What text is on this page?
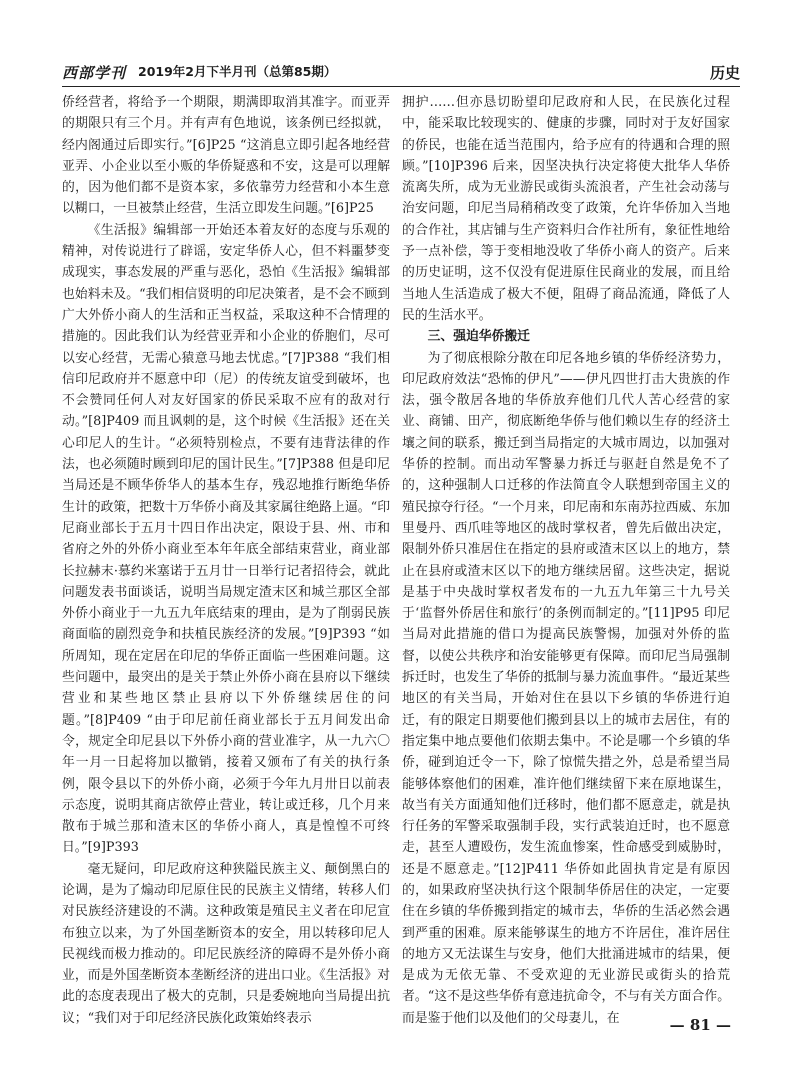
西部学刊 2019年2月下半月刊（总第85期）	历史

侨经营者，将给予一个期限，期满即取消其准字。而亚弄的期限只有三个月。并有声有色地说，该条例已经拟就，经内阁通过后即实行。”[6]P25 “这消息立即引起各地经营亚弄、小企业以至小贩的华侨疑惑和不安，这是可以理解的，因为他们都不是资本家，多依靠劳力经营和小本生意以糊口，一旦被禁止经营，生活立即发生问题。”[6]P25

《生活报》编辑部一开始还本着友好的态度与乐观的精神，对传说进行了辟谣，安定华侨人心，但不料噩梦变成现实，事态发展的严重与恶化，恐怕《生活报》编辑部也始料未及。“我们相信贤明的印尼决策者，是不会不顾到广大外侨小商人的生活和正当权益，采取这种不合情理的措施的。因此我们认为经营亚弄和小企业的侨胞们，尽可以安心经营，无需心猿意马地去忧虑。”[7]P388 “我们相信印尼政府并不愿意中印（尼）的传统友谊受到破坏，也不会赞同任何人对友好国家的侨民采取不应有的敌对行动。”[8]P409 而且讽刺的是，这个时候《生活报》还在关心印尼人的生计。“必须特别检点，不要有违背法律的作法，也必须随时顾到印尼的国计民生。”[7]P388 但是印尼当局还是不顾华侨华人的基本生存，残忍地推行断绝华侨生计的政策，把数十万华侨小商及其家属往绝路上逼。“印尼商业部长于五月十四日作出决定，限设于县、州、市和省府之外的外侨小商业至本年年底全部结束营业，商业部长拉赫末·慕约米塞诺于五月廿一日举行记者招待会，就此问题发表书面谈话，说明当局规定渣末区和城兰那区全部外侨小商业于一九五九年底结束的理由，是为了削弱民族商面临的剧烈竞争和扶植民族经济的发展。”[9]P393 “如所周知，现在定居在印尼的华侨正面临一些困难问题。这些问题中，最突出的是关于禁止外侨小商在县府以下继续营业和某些地区禁止县府以下外侨继续居住的问题。”[8]P409 “由于印尼前任商业部长于五月间发出命令，规定全印尼县以下外侨小商的营业准字，从一九六〇年一月一日起将加以撤销，接着又颁布了有关的执行条例，限令县以下的外侨小商，必须于今年九月卅日以前表示态度，说明其商店欲停止营业，转让或迁移，几个月来散布于城兰那和渣末区的华侨小商人，真是惶惶不可终日。”[9]P393

毫无疑问，印尼政府这种狭隘民族主义、颠倒黑白的论调，是为了煽动印尼原住民的民族主义情绪，转移人们对民族经济建设的不满。这种政策是殖民主义者在印尼宣布独立以来，为了外国垄断资本的安全，用以转移印尼人民视线而极力推动的。印尼民族经济的障碍不是外侨小商业，而是外国垄断资本垄断经济的进出口业。《生活报》对此的态度表现出了极大的克制，只是委婉地向当局提出抗议；“我们对于印尼经济民族化政策始终表示

拥护……但亦恳切盼望印尼政府和人民，在民族化过程中，能采取比较现实的、健康的步骤，同时对于友好国家的侨民，也能在适当范围内，给予应有的待遇和合理的照顾。”[10]P396 后来，因坚决执行决定将使大批华人华侨流离失所，成为无业游民或街头流浪者，产生社会动荡与治安问题，印尼当局稍稍改变了政策，允许华侨加入当地的合作社，其店铺与生产资料归合作社所有，象征性地给予一点补偿，等于变相地没收了华侨小商人的资产。后来的历史证明，这不仅没有促进原住民商业的发展，而且给当地人生活造成了极大不便，阻碍了商品流通，降低了人民的生活水平。

三、强迫华侨搬迁

为了彻底根除分散在印尼各地乡镇的华侨经济势力，印尼政府效法“恐怖的伊凡”——伊凡四世打击大贵族的作法，强令散居各地的华侨放弃他们几代人苦心经营的家业、商铺、田产，彻底断绝华侨与他们赖以生存的经济土壤之间的联系，搬迁到当局指定的大城市周边，以加强对华侨的控制。而出动军警暴力拆迁与驱赶自然是免不了的，这种强制人口迁移的作法简直令人联想到帝国主义的殖民掠夺行径。“一个月来，印尼南和东南苏拉西威、东加里曼丹、西爪哇等地区的战时掌权者，曾先后做出决定，限制外侨只准居住在指定的县府或渣末区以上的地方，禁止在县府或渣末区以下的地方继续居留。这些决定，据说是基于中央战时掌权者发布的一九五九年第三十九号关于‘监督外侨居住和旅行’的条例而制定的。”[11]P95 印尼当局对此措施的借口为提高民族警惕，加强对外侨的监督，以使公共秩序和治安能够更有保障。而印尼当局强制拆迁时，也发生了华侨的抵制与暴力流血事件。“最近某些地区的有关当局，开始对住在县以下乡镇的华侨进行迫迁，有的限定日期要他们搬到县以上的城市去居住，有的指定集中地点要他们依期去集中。不论是哪一个乡镇的华侨，碰到迫迁令一下，除了惊慌失措之外，总是希望当局能够体察他们的困难，准许他们继续留下来在原地谋生，故当有关方面通知他们迁移时，他们都不愿意走，就是执行任务的军警采取强制手段，实行武装迫迁时，也不愿意走，甚至人遭殴伤，发生流血惨案，性命感受到威胁时，还是不愿意走。”[12]P411 华侨如此固执肯定是有原因的，如果政府坚决执行这个限制华侨居住的决定，一定要住在乡镇的华侨搬到指定的城市去，华侨的生活必然会遇到严重的困难。原来能够谋生的地方不许居住，准许居住的地方又无法谋生与安身，他们大批涌进城市的结果，便是成为无依无靠、不受欢迎的无业游民或街头的拾荒者。“这不是这些华侨有意违抗命令，不与有关方面合作。而是鉴于他们以及他们的父母妻儿，在	— 81 —
